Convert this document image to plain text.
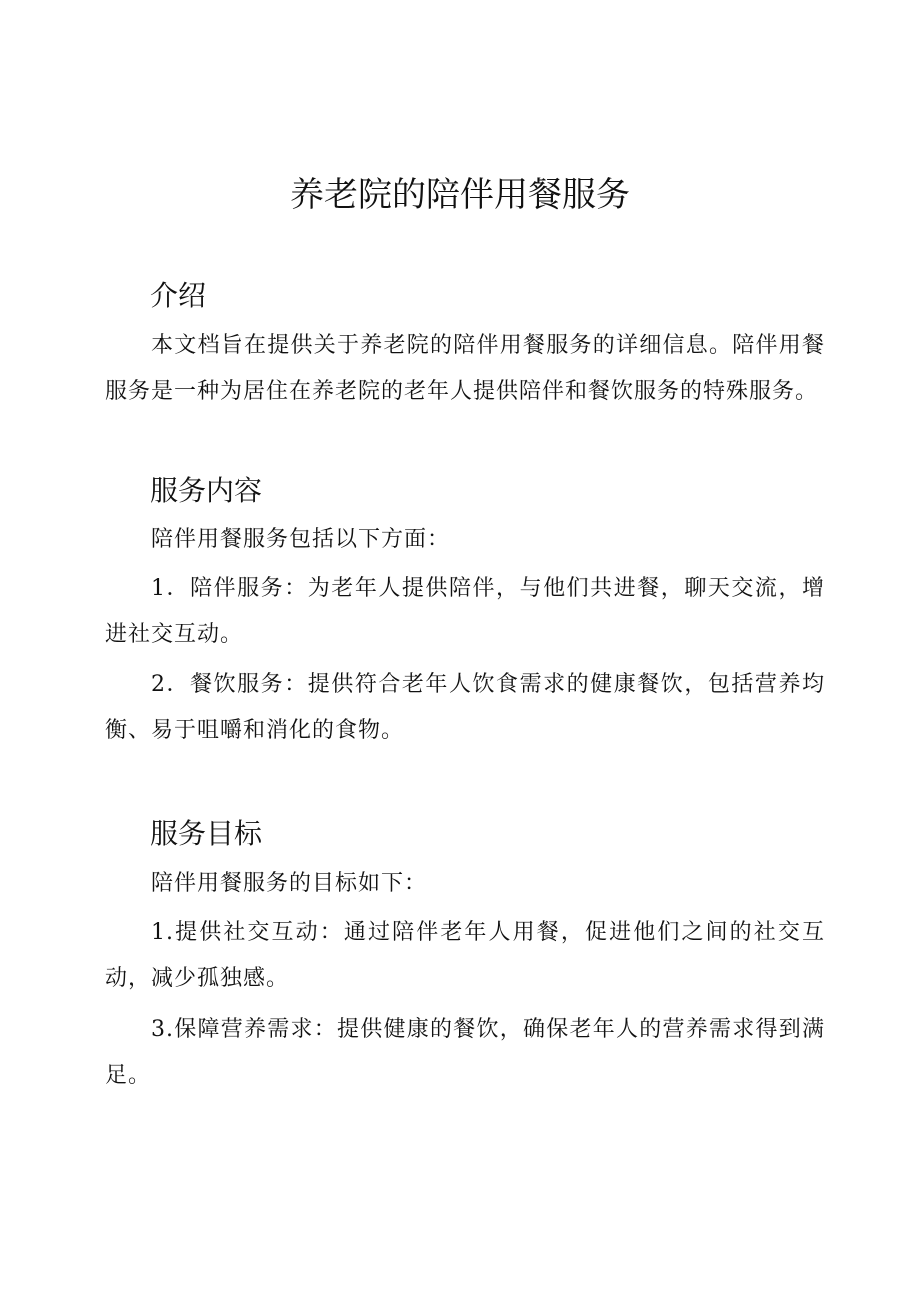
养老院的陪伴用餐服务
介绍

本文档旨在提供关于养老院的陪伴用餐服务的详细信息。陪伴用餐服务是一种为居住在养老院的老年人提供陪伴和餐饮服务的特殊服务。

服务内容

陪伴用餐服务包括以下方面：

1．陪伴服务：为老年人提供陪伴，与他们共进餐，聊天交流，增进社交互动。

2．餐饮服务：提供符合老年人饮食需求的健康餐饮，包括营养均衡、易于咀嚼和消化的食物。

服务目标

陪伴用餐服务的目标如下：

1.提供社交互动：通过陪伴老年人用餐，促进他们之间的社交互动，减少孤独感。

3.保障营养需求：提供健康的餐饮，确保老年人的营养需求得到满足。
